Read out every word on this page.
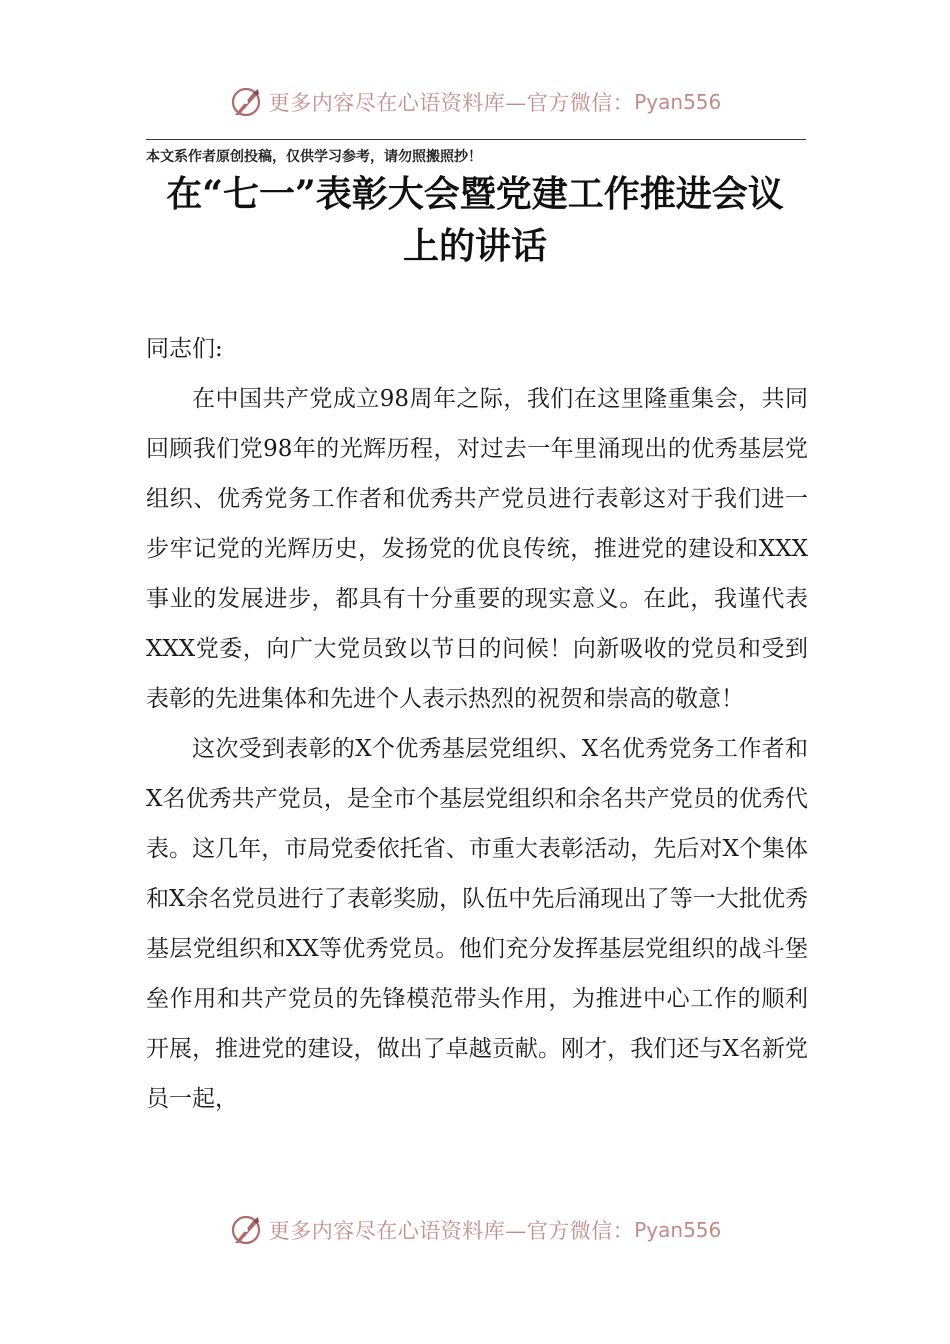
更多内容尽在心语资料库—官方微信： Pyan556
本文系作者原创投稿，仅供学习参考，请勿照搬照抄！
在“七一”表彰大会暨党建工作推进会议
上的讲话

同志们:

在中国共产党成立98周年之际，我们在这里隆重集会，共同回顾我们党98年的光辉历程，对过去一年里涌现出的优秀基层党组织、优秀党务工作者和优秀共产党员进行表彰这对于我们进一步牢记党的光辉历史，发扬党的优良传统，推进党的建设和XXX事业的发展进步，都具有十分重要的现实意义。在此，我谨代表XXX党委，向广大党员致以节日的问候！向新吸收的党员和受到表彰的先进集体和先进个人表示热烈的祝贺和崇高的敬意！

这次受到表彰的X个优秀基层党组织、X名优秀党务工作者和X名优秀共产党员，是全市个基层党组织和余名共产党员的优秀代表。这几年，市局党委依托省、市重大表彰活动，先后对X个集体和X余名党员进行了表彰奖励，队伍中先后涌现出了等一大批优秀基层党组织和XX等优秀党员。他们充分发挥基层党组织的战斗堡垒作用和共产党员的先锋模范带头作用，为推进中心工作的顺利开展，推进党的建设，做出了卓越贡献。刚才，我们还与X名新党员一起，

更多内容尽在心语资料库—官方微信： Pyan556
